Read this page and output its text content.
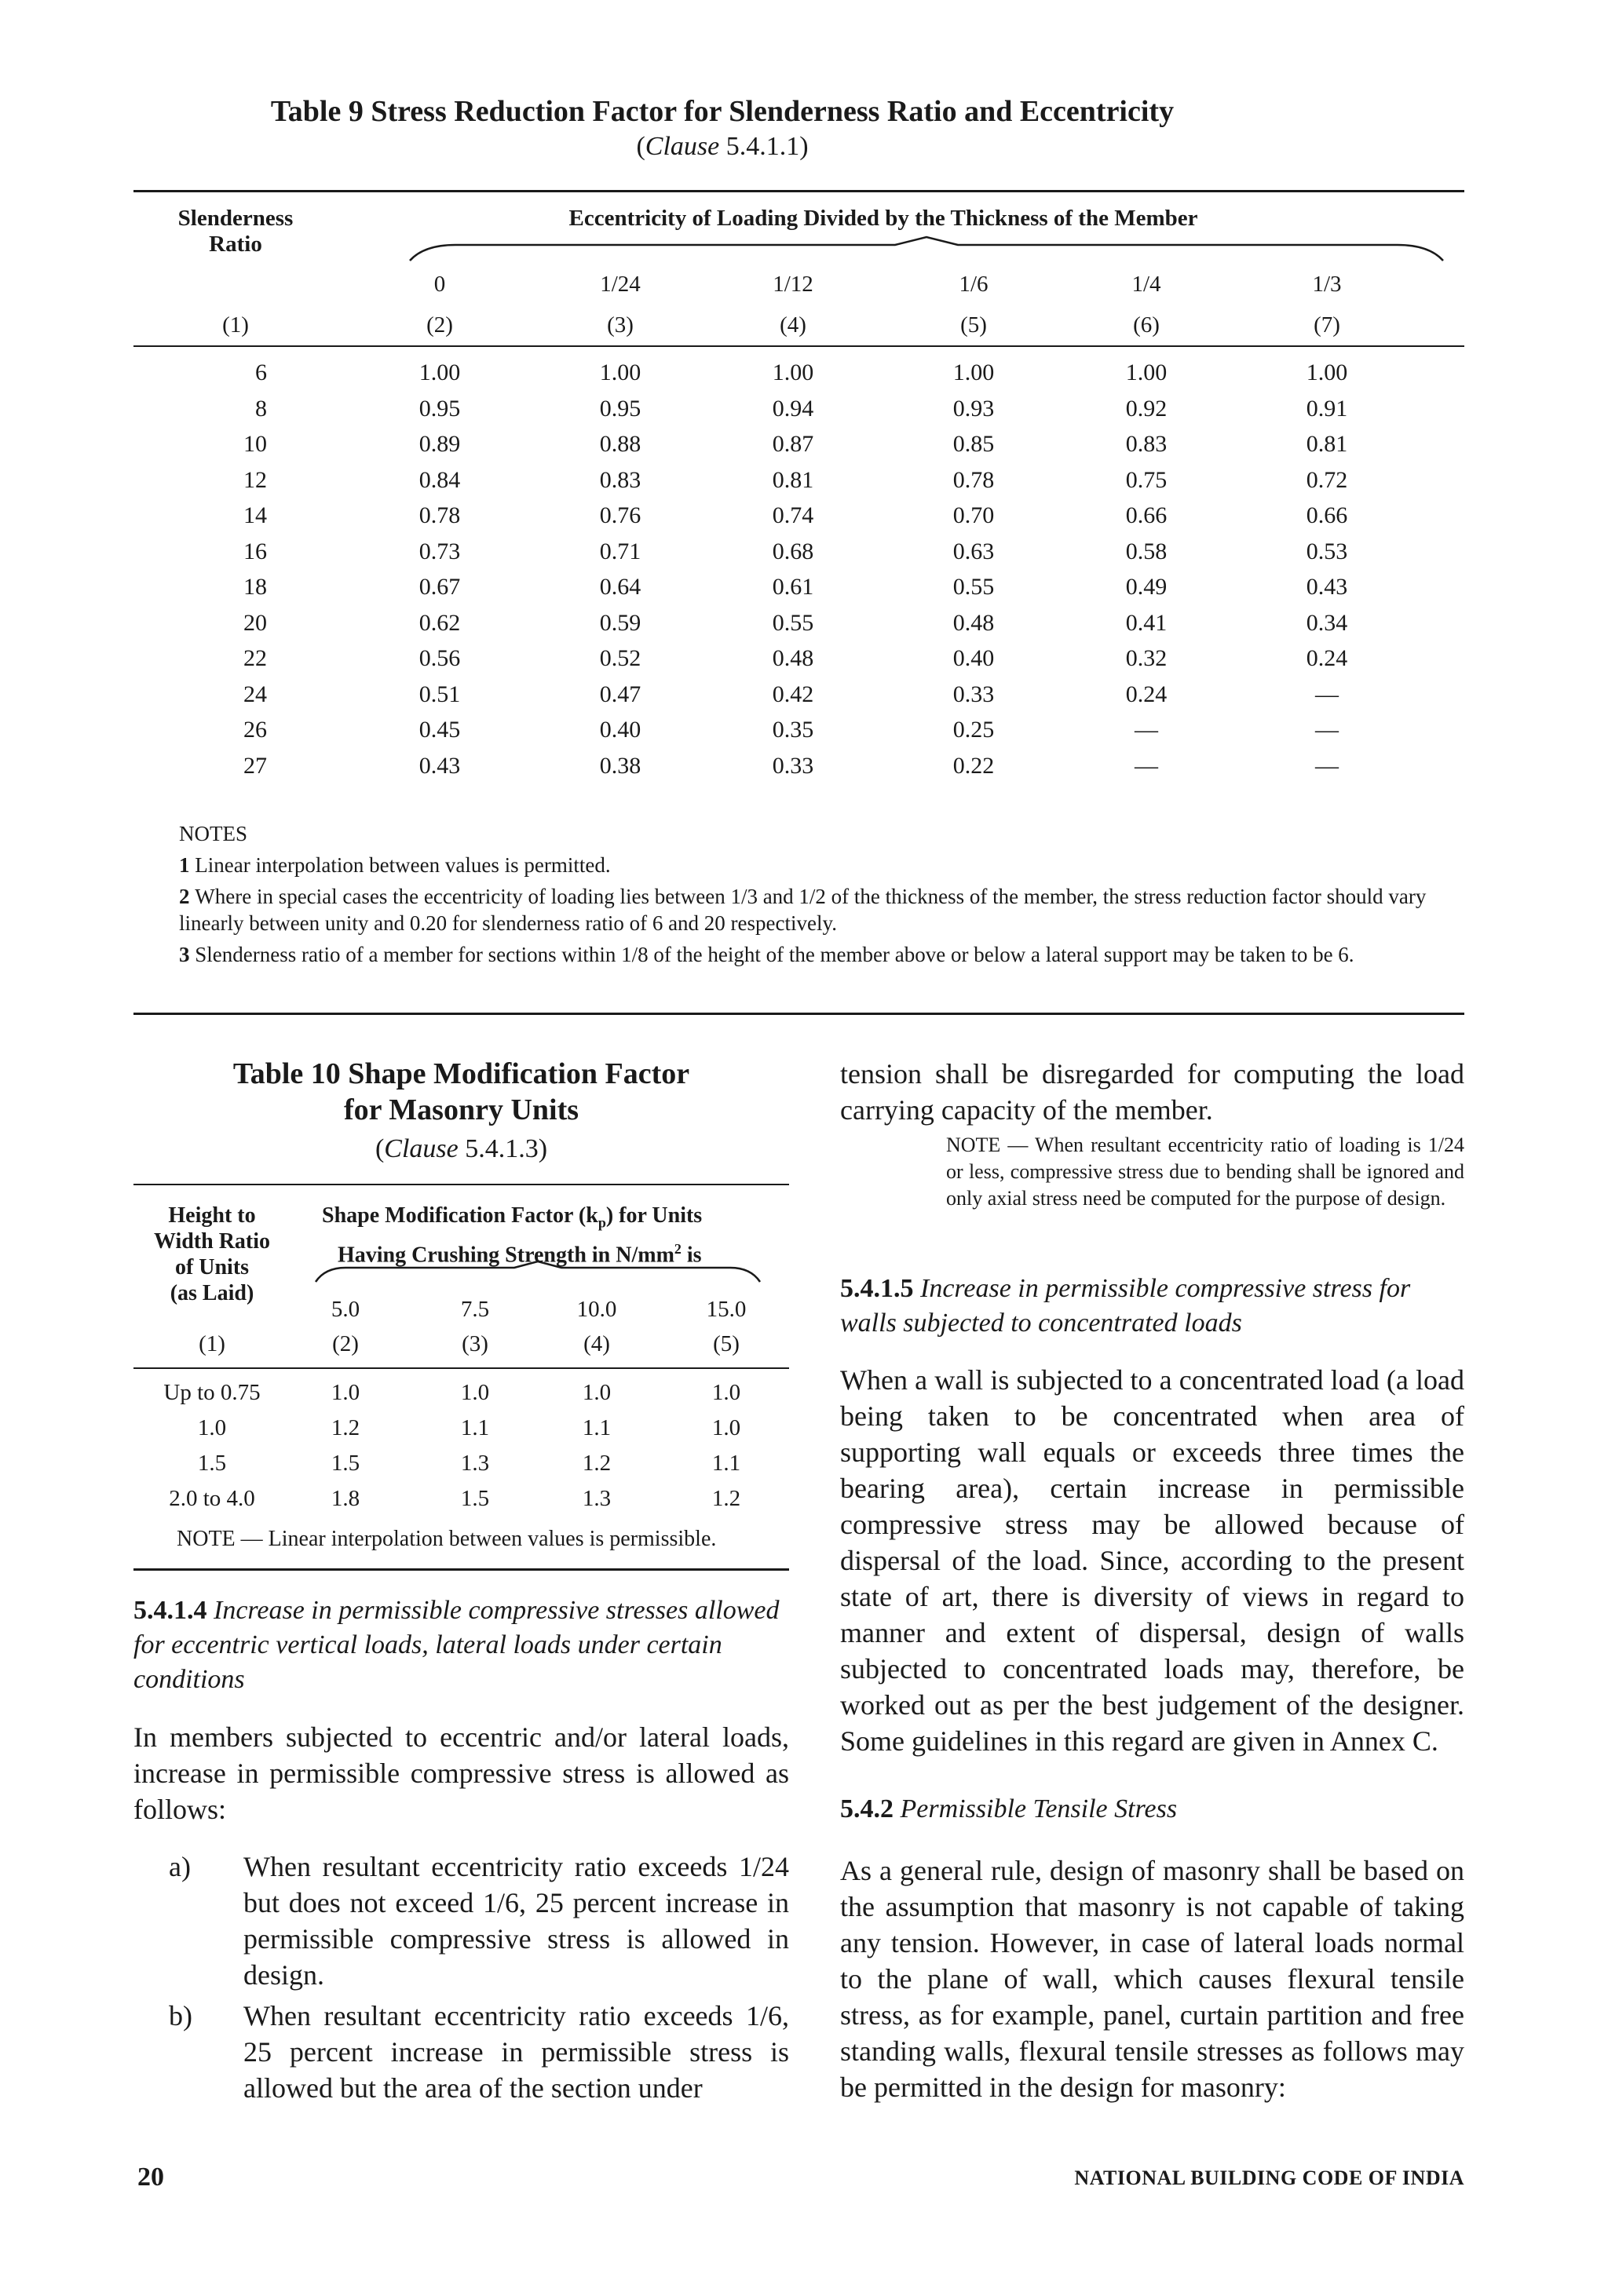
Table 9 Stress Reduction Factor for Slenderness Ratio and Eccentricity
(Clause 5.4.1.1)
Slenderness
Ratio
Eccentricity of Loading Divided by the Thickness of the Member
0	1/24	1/12	1/6	1/4	1/3
(1)	(2)	(3)	(4)	(5)	(6)	(7)
6	1.00	1.00	1.00	1.00	1.00	1.00
8	0.95	0.95	0.94	0.93	0.92	0.91
10	0.89	0.88	0.87	0.85	0.83	0.81
12	0.84	0.83	0.81	0.78	0.75	0.72
14	0.78	0.76	0.74	0.70	0.66	0.66
16	0.73	0.71	0.68	0.63	0.58	0.53
18	0.67	0.64	0.61	0.55	0.49	0.43
20	0.62	0.59	0.55	0.48	0.41	0.34
22	0.56	0.52	0.48	0.40	0.32	0.24
24	0.51	0.47	0.42	0.33	0.24	—
26	0.45	0.40	0.35	0.25	—	—
27	0.43	0.38	0.33	0.22	—	—
NOTES
1 Linear interpolation between values is permitted.
2 Where in special cases the eccentricity of loading lies between 1/3 and 1/2 of the thickness of the member, the stress reduction factor should vary linearly between unity and 0.20 for slenderness ratio of 6 and 20 respectively.
3 Slenderness ratio of a member for sections within 1/8 of the height of the member above or below a lateral support may be taken to be 6.
Table 10 Shape Modification Factor
for Masonry Units
(Clause 5.4.1.3)
Height to
Width Ratio
of Units
(as Laid)
Shape Modification Factor $(k_p)$ for Units
Having Crushing Strength in $N/mm^2$ is
5.0	7.5	10.0	15.0
(1)	(2)	(3)	(4)	(5)
Up to 0.75	1.0	1.0	1.0	1.0
1.0	1.2	1.1	1.1	1.0
1.5	1.5	1.3	1.2	1.1
2.0 to 4.0	1.8	1.5	1.3	1.2
NOTE — Linear interpolation between values is permissible.
5.4.1.4 Increase in permissible compressive stresses allowed for eccentric vertical loads, lateral loads under certain conditions
In members subjected to eccentric and/or lateral loads, increase in permissible compressive stress is allowed as follows:
a)	When resultant eccentricity ratio exceeds 1/24 but does not exceed 1/6, 25 percent increase in permissible compressive stress is allowed in design.
b)	When resultant eccentricity ratio exceeds 1/6, 25 percent increase in permissible stress is allowed but the area of the section under
tension shall be disregarded for computing the load carrying capacity of the member.
NOTE — When resultant eccentricity ratio of loading is 1/24 or less, compressive stress due to bending shall be ignored and only axial stress need be computed for the purpose of design.
5.4.1.5 Increase in permissible compressive stress for walls subjected to concentrated loads
When a wall is subjected to a concentrated load (a load being taken to be concentrated when area of supporting wall equals or exceeds three times the bearing area), certain increase in permissible compressive stress may be allowed because of dispersal of the load. Since, according to the present state of art, there is diversity of views in regard to manner and extent of dispersal, design of walls subjected to concentrated loads may, therefore, be worked out as per the best judgement of the designer. Some guidelines in this regard are given in Annex C.
5.4.2 Permissible Tensile Stress
As a general rule, design of masonry shall be based on the assumption that masonry is not capable of taking any tension. However, in case of lateral loads normal to the plane of wall, which causes flexural tensile stress, as for example, panel, curtain partition and free standing walls, flexural tensile stresses as follows may be permitted in the design for masonry:
20	NATIONAL BUILDING CODE OF INDIA
